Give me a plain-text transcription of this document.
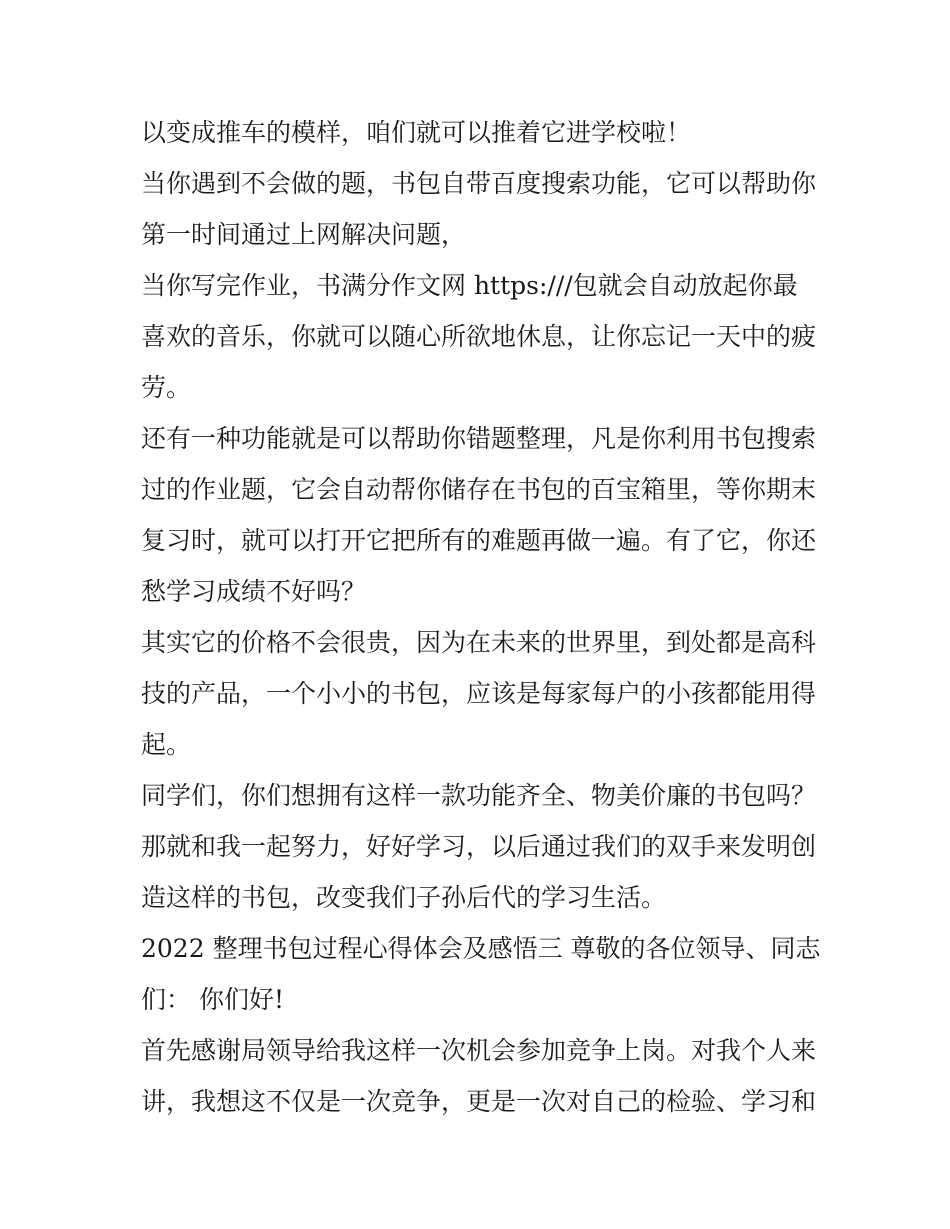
以变成推车的模样，咱们就可以推着它进学校啦！
当你遇到不会做的题，书包自带百度搜索功能，它可以帮助你
第一时间通过上网解决问题，
当你写完作业，书满分作文网 https:///包就会自动放起你最
喜欢的音乐，你就可以随心所欲地休息，让你忘记一天中的疲
劳。
还有一种功能就是可以帮助你错题整理，凡是你利用书包搜索
过的作业题，它会自动帮你储存在书包的百宝箱里，等你期末
复习时，就可以打开它把所有的难题再做一遍。有了它，你还
愁学习成绩不好吗？
其实它的价格不会很贵，因为在未来的世界里，到处都是高科
技的产品，一个小小的书包，应该是每家每户的小孩都能用得
起。
同学们，你们想拥有这样一款功能齐全、物美价廉的书包吗？
那就和我一起努力，好好学习，以后通过我们的双手来发明创
造这样的书包，改变我们子孙后代的学习生活。
2022 整理书包过程心得体会及感悟三 尊敬的各位领导、同志
们： 你们好!
首先感谢局领导给我这样一次机会参加竞争上岗。对我个人来
讲，我想这不仅是一次竞争，更是一次对自己的检验、学习和
